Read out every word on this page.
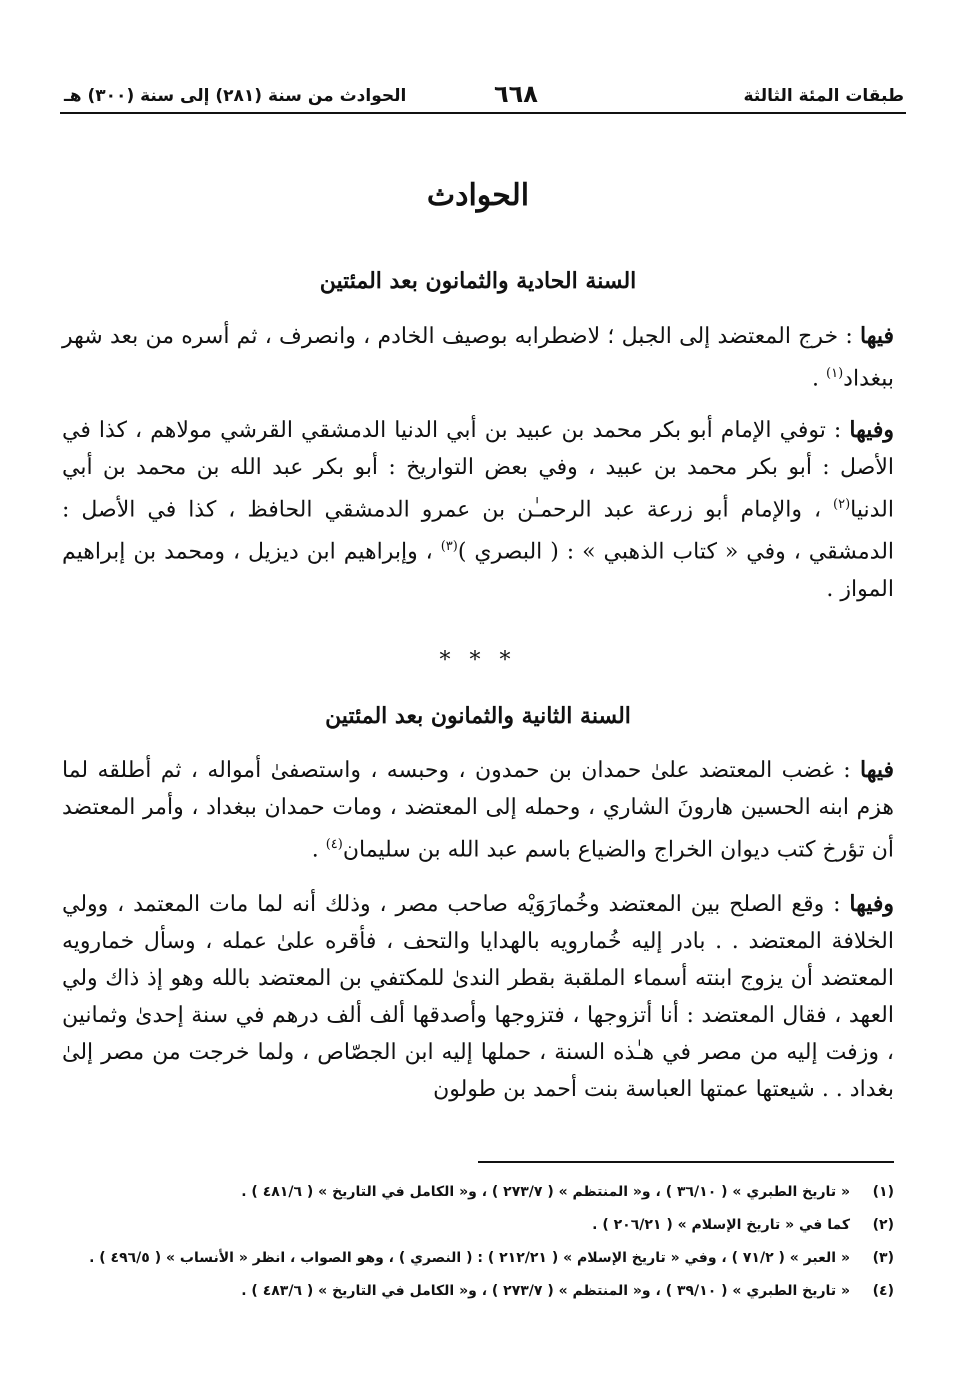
طبقات المئة الثالثة
٦٦٨
الحوادث من سنة (٢٨١) إلى سنة (٣٠٠) هـ
الحوادث
السنة الحادية والثمانون بعد المئتين
فيها : خرج المعتضد إلى الجبل ؛ لاضطرابه بوصيف الخادم ، وانصرف ، ثم أسره من بعد شهر ببغداد$^{(١)}$ .
وفيها : توفي الإمام أبو بكر محمد بن عبيد بن أبي الدنيا الدمشقي القرشي مولاهم ، كذا في الأصل : أبو بكر محمد بن عبيد ، وفي بعض التواريخ : أبو بكر عبد الله بن محمد بن أبي الدنيا$^{(٢)}$ ، والإمام أبو زرعة عبد الرحمـٰن بن عمرو الدمشقي الحافظ ، كذا في الأصل : الدمشقي ، وفي « كتاب الذهبي » : ( البصري )$^{(٣)}$ ، وإبراهيم ابن ديزيل ، ومحمد بن إبراهيم المواز .
* * *
السنة الثانية والثمانون بعد المئتين
فيها : غضب المعتضد علىٰ حمدان بن حمدون ، وحبسه ، واستصفىٰ أمواله ، ثم أطلقه لما هزم ابنه الحسين هارونَ الشاري ، وحمله إلى المعتضد ، ومات حمدان ببغداد ، وأمر المعتضد أن تؤرخ كتب ديوان الخراج والضياع باسم عبد الله بن سليمان$^{(٤)}$ .
وفيها : وقع الصلح بين المعتضد وخُمارَوَيْه صاحب مصر ، وذلك أنه لما مات المعتمد ، وولي الخلافة المعتضد . . بادر إليه خُمارويه بالهدايا والتحف ، فأقره علىٰ عمله ، وسأل خمارويه المعتضد أن يزوج ابنته أسماء الملقبة بقطر الندىٰ للمكتفي بن المعتضد بالله وهو إذ ذاك ولي العهد ، فقال المعتضد : أنا أتزوجها ، فتزوجها وأصدقها ألف ألف درهم في سنة إحدىٰ وثمانين ، وزفت إليه من مصر في هـٰذه السنة ، حملها إليه ابن الجصّاص ، ولما خرجت من مصر إلىٰ بغداد . . شيعتها عمتها العباسة بنت أحمد بن طولون
(١)
« تاريخ الطبري » ( ٣٦/١٠ ) ، و« المنتظم » ( ٢٧٣/٧ ) ، و« الكامل في التاريخ » ( ٤٨١/٦ ) .
(٢)
كما في « تاريخ الإسلام » ( ٢٠٦/٢١ ) .
(٣)
« العبر » ( ٧١/٢ ) ، وفي « تاريخ الإسلام » ( ٢١٢/٢١ ) : ( النصري ) ، وهو الصواب ، انظر « الأنساب » ( ٤٩٦/٥ ) .
(٤)
« تاريخ الطبري » ( ٣٩/١٠ ) ، و« المنتظم » ( ٢٧٣/٧ ) ، و« الكامل في التاريخ » ( ٤٨٣/٦ ) .
